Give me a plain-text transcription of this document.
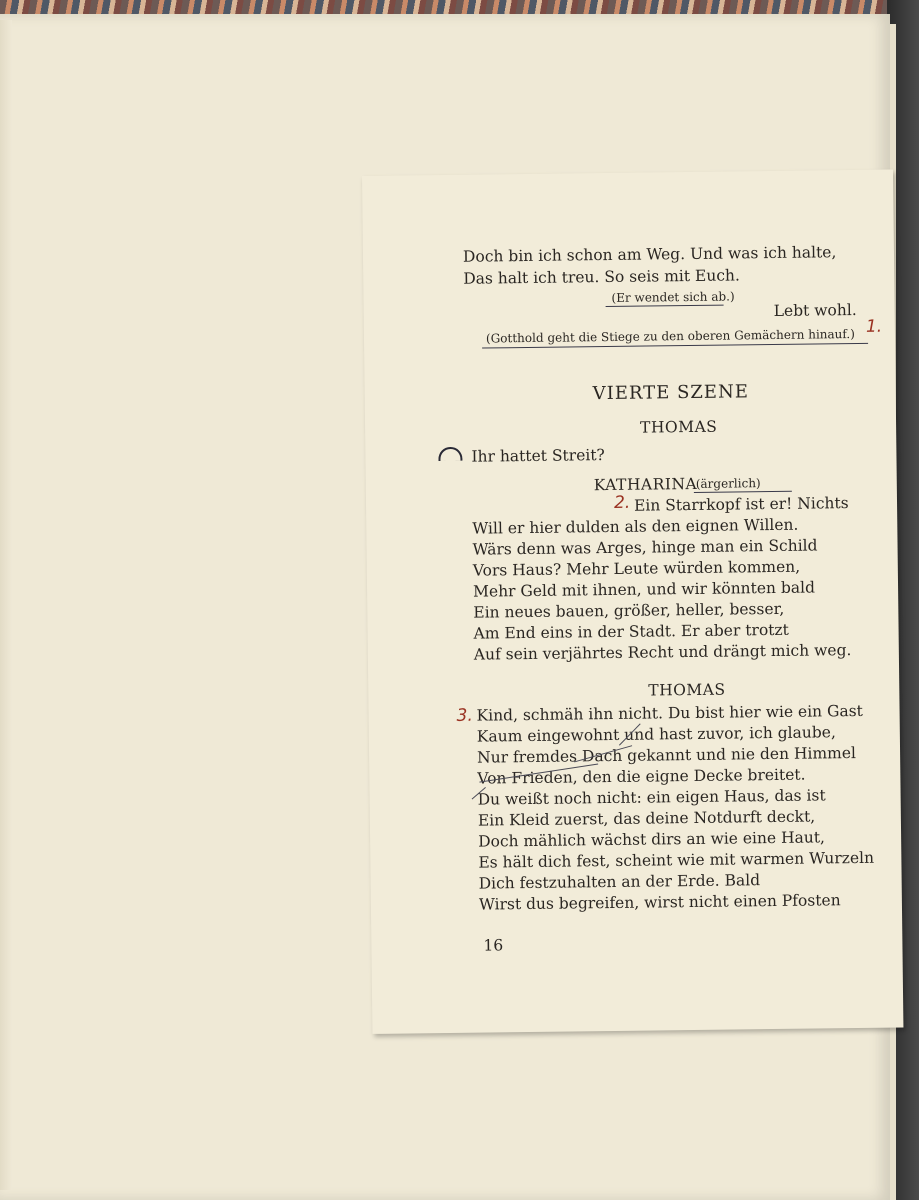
Doch bin ich schon am Weg. Und was ich halte,
Das halt ich treu. So seis mit Euch.
(Er wendet sich ab.)
Lebt wohl.
(Gotthold geht die Stiege zu den oberen Gemächern hinauf.) 1.
VIERTE SZENE
THOMAS
Ihr hattet Streit?
KATHARINA
(ärgerlich)
2. Ein Starrkopf ist er! Nichts
Will er hier dulden als den eignen Willen.
Wärs denn was Arges, hinge man ein Schild
Vors Haus? Mehr Leute würden kommen,
Mehr Geld mit ihnen, und wir könnten bald
Ein neues bauen, größer, heller, besser,
Am End eins in der Stadt. Er aber trotzt
Auf sein verjährtes Recht und drängt mich weg.
THOMAS
3. Kind, schmäh ihn nicht. Du bist hier wie ein Gast
Kaum eingewohnt und hast zuvor, ich glaube,
Nur fremdes Dach gekannt und nie den Himmel
Von Frieden, den die eigne Decke breitet.
Du weißt noch nicht: ein eigen Haus, das ist
Ein Kleid zuerst, das deine Notdurft deckt,
Doch mählich wächst dirs an wie eine Haut,
Es hält dich fest, scheint wie mit warmen Wurzeln
Dich festzuhalten an der Erde. Bald
Wirst dus begreifen, wirst nicht einen Pfosten
16
